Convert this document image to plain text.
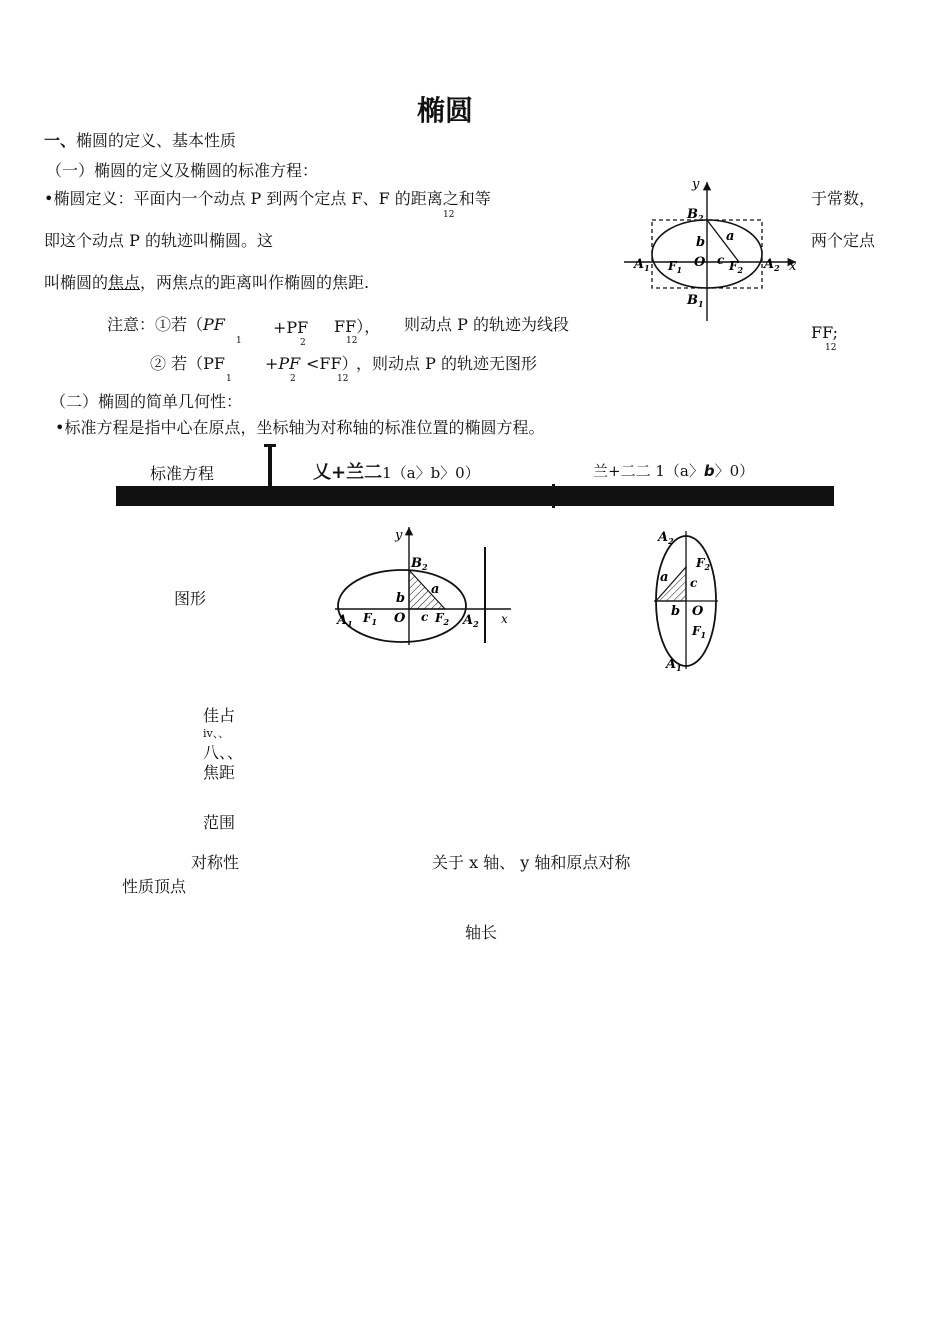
椭圆
一、椭圆的定义、基本性质
（一）椭圆的定义及椭圆的标准方程：
•椭圆定义：平面内一个动点 P 到两个定点 F、F 的距离之和等
12
于常数，
即这个动点 P 的轨迹叫椭圆。这	两个定点
叫椭圆的焦点，两焦点的距离叫作椭圆的焦距.
y
x
$B_2$
$B_1$
$A_1$	$A_2$
$F_1$	$F_2$
O
a
b
c
注意：①若（PF
1
+PF
2
FF），
12
则动点 P 的轨迹为线段	FF;
12
② 若（PF
1
+PF
2
<FF）
12
，则动点 P 的轨迹无图形
（二）椭圆的简单几何性：
•标准方程是指中心在原点，坐标轴为对称轴的标准位置的椭圆方程。
标准方程	乂+兰二1（a〉b〉0）	兰+二二 1（a〉b〉0）
图形
y
x
$B_2$
$A_1$	$A_2$
$F_1$	$F_2$
O
a
b
c
$A_2$
$A_1$
$F_2$
$F_1$
O
a
b
c
佳占
ⅳ、、
八、、
焦距
范围
对称性	关于 x 轴、 y 轴和原点对称
性质顶点
轴长
